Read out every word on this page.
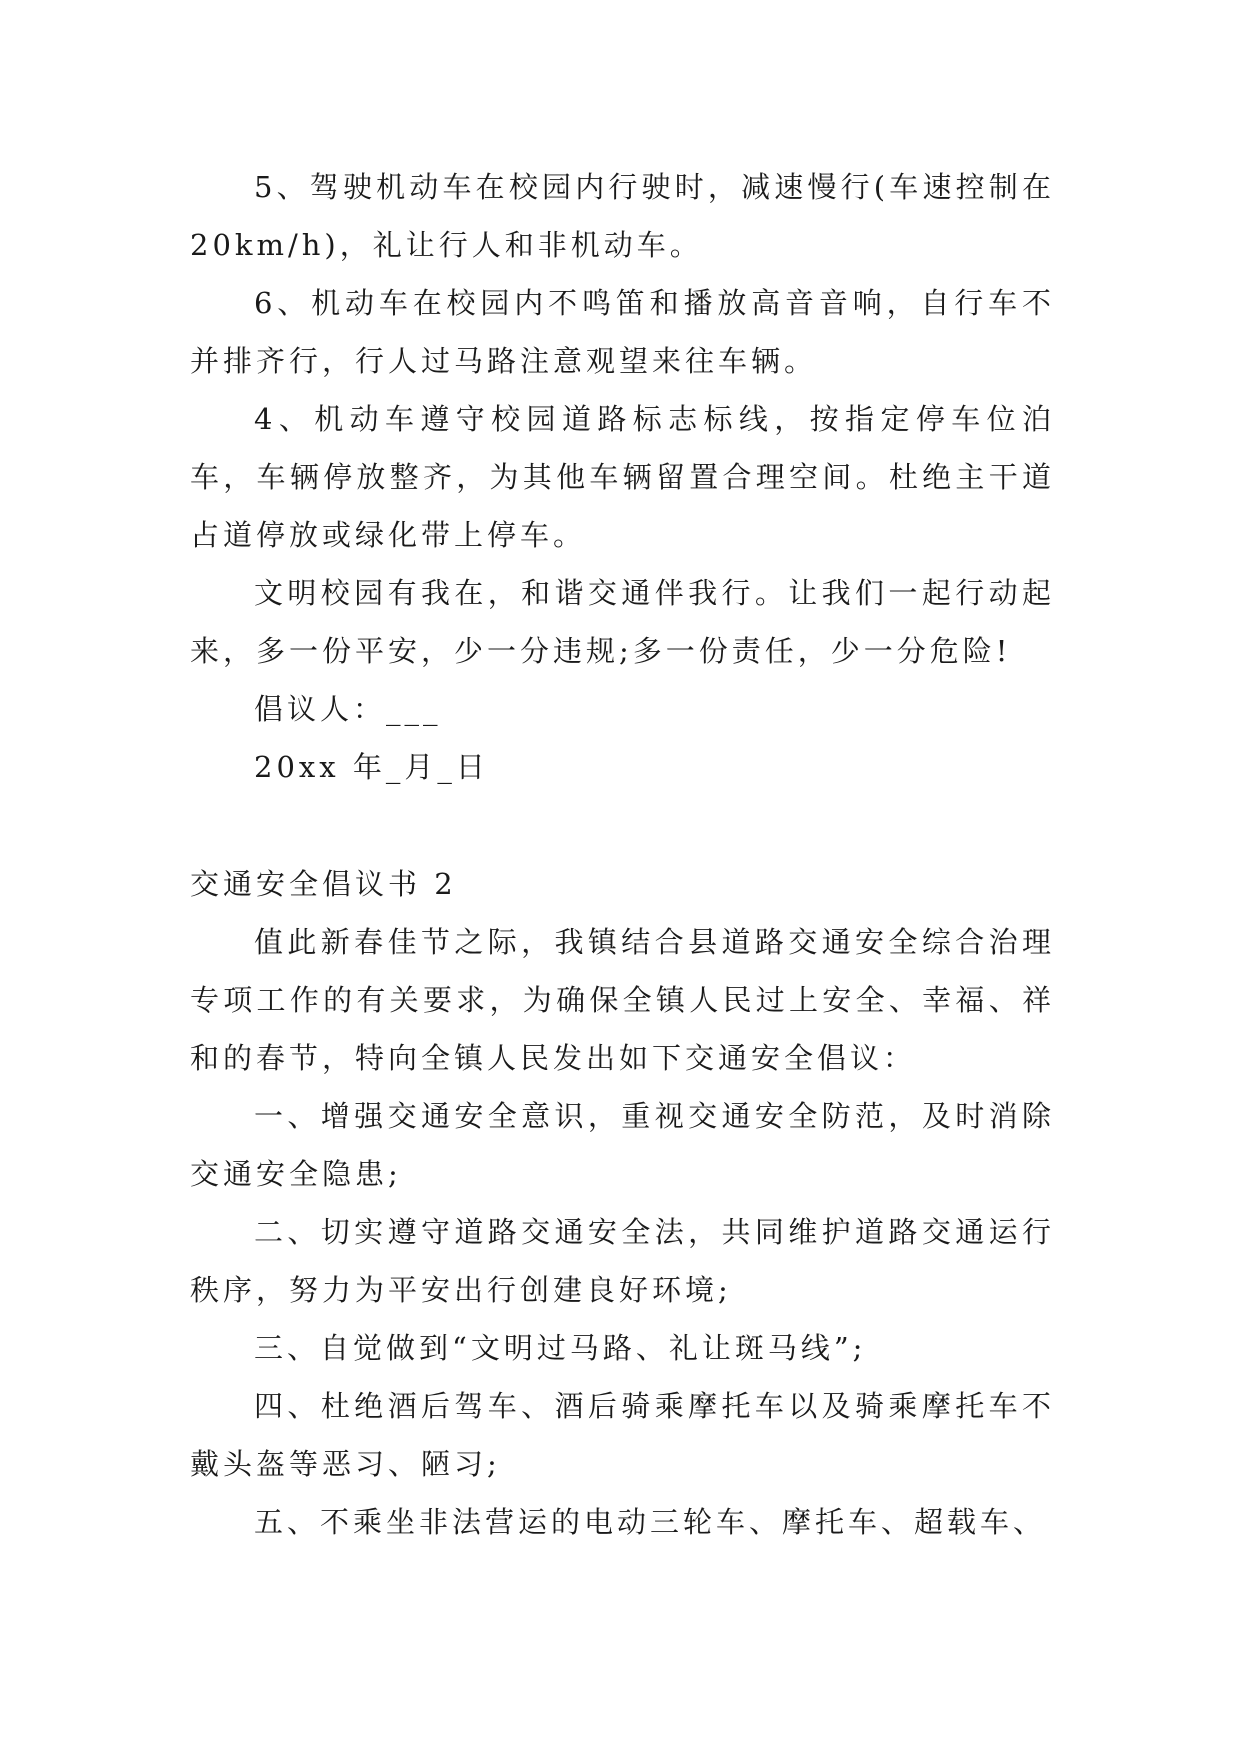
5、驾驶机动车在校园内行驶时，减速慢行(车速控制在20km/h)，礼让行人和非机动车。

6、机动车在校园内不鸣笛和播放高音音响，自行车不并排齐行，行人过马路注意观望来往车辆。

4、机动车遵守校园道路标志标线，按指定停车位泊车，车辆停放整齐，为其他车辆留置合理空间。杜绝主干道占道停放或绿化带上停车。

文明校园有我在，和谐交通伴我行。让我们一起行动起来，多一份平安，少一分违规;多一份责任，少一分危险!

倡议人：___

20xx 年_月_日

交通安全倡议书 2

值此新春佳节之际，我镇结合县道路交通安全综合治理专项工作的有关要求，为确保全镇人民过上安全、幸福、祥和的春节，特向全镇人民发出如下交通安全倡议：

一、增强交通安全意识，重视交通安全防范，及时消除交通安全隐患;

二、切实遵守道路交通安全法，共同维护道路交通运行秩序，努力为平安出行创建良好环境;

三、自觉做到“文明过马路、礼让斑马线”;

四、杜绝酒后驾车、酒后骑乘摩托车以及骑乘摩托车不戴头盔等恶习、陋习;

五、不乘坐非法营运的电动三轮车、摩托车、超载车、
